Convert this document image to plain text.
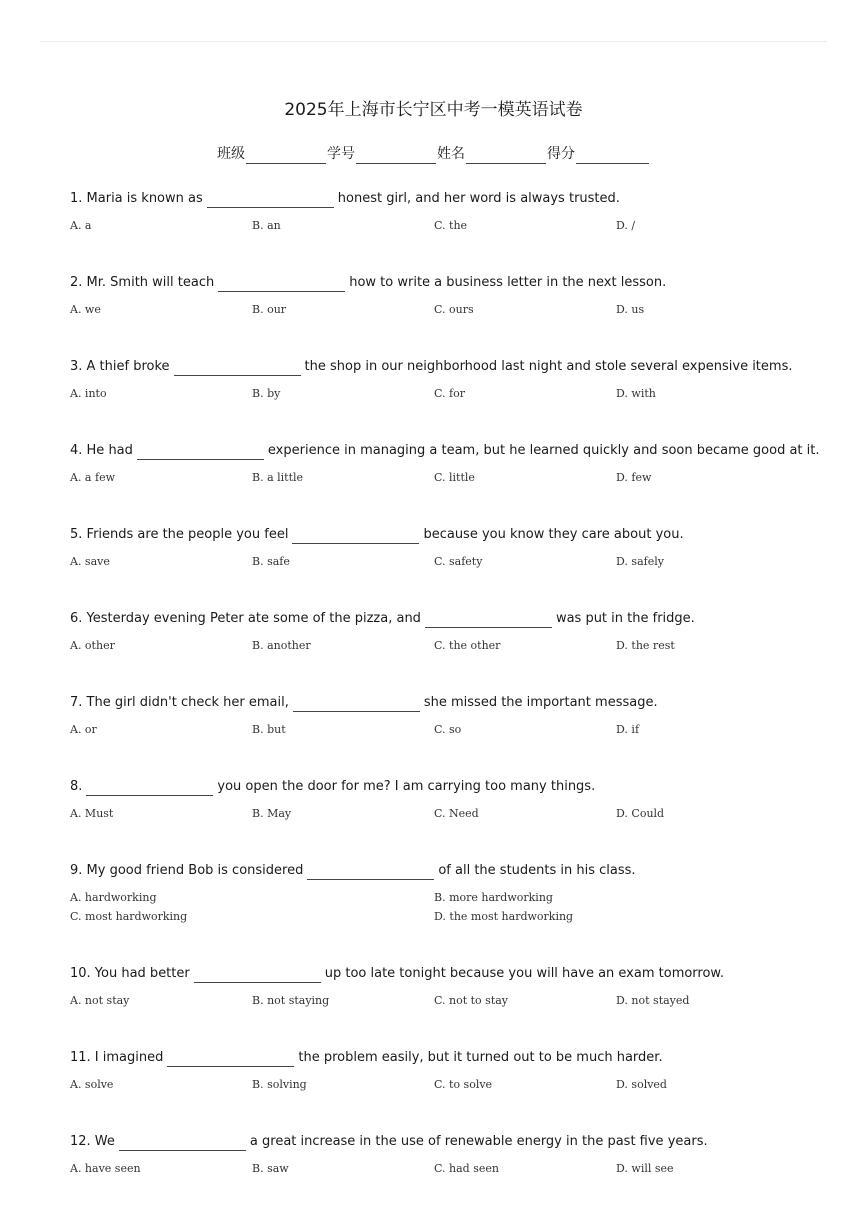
2025年上海市长宁区中考一模英语试卷
班级	学号	姓名	得分
1. Maria is known as	honest girl, and her word is always trusted.
A. a	B. an	C. the	D. /
2. Mr. Smith will teach	how to write a business letter in the next lesson.
A. we	B. our	C. ours	D. us
3. A thief broke	the shop in our neighborhood last night and stole several expensive items.
A. into	B. by	C. for	D. with
4. He had	experience in managing a team, but he learned quickly and soon became good at it.
A. a few	B. a little	C. little	D. few
5. Friends are the people you feel	because you know they care about you.
A. save	B. safe	C. safety	D. safely
6. Yesterday evening Peter ate some of the pizza, and	was put in the fridge.
A. other	B. another	C. the other	D. the rest
7. The girl didn't check her email,	she missed the important message.
A. or	B. but	C. so	D. if
8.	you open the door for me? I am carrying too many things.
A. Must	B. May	C. Need	D. Could
9. My good friend Bob is considered	of all the students in his class.
A. hardworking	B. more hardworking
C. most hardworking	D. the most hardworking
10. You had better	up too late tonight because you will have an exam tomorrow.
A. not stay	B. not staying	C. not to stay	D. not stayed
11. I imagined	the problem easily, but it turned out to be much harder.
A. solve	B. solving	C. to solve	D. solved
12. We	a great increase in the use of renewable energy in the past five years.
A. have seen	B. saw	C. had seen	D. will see
